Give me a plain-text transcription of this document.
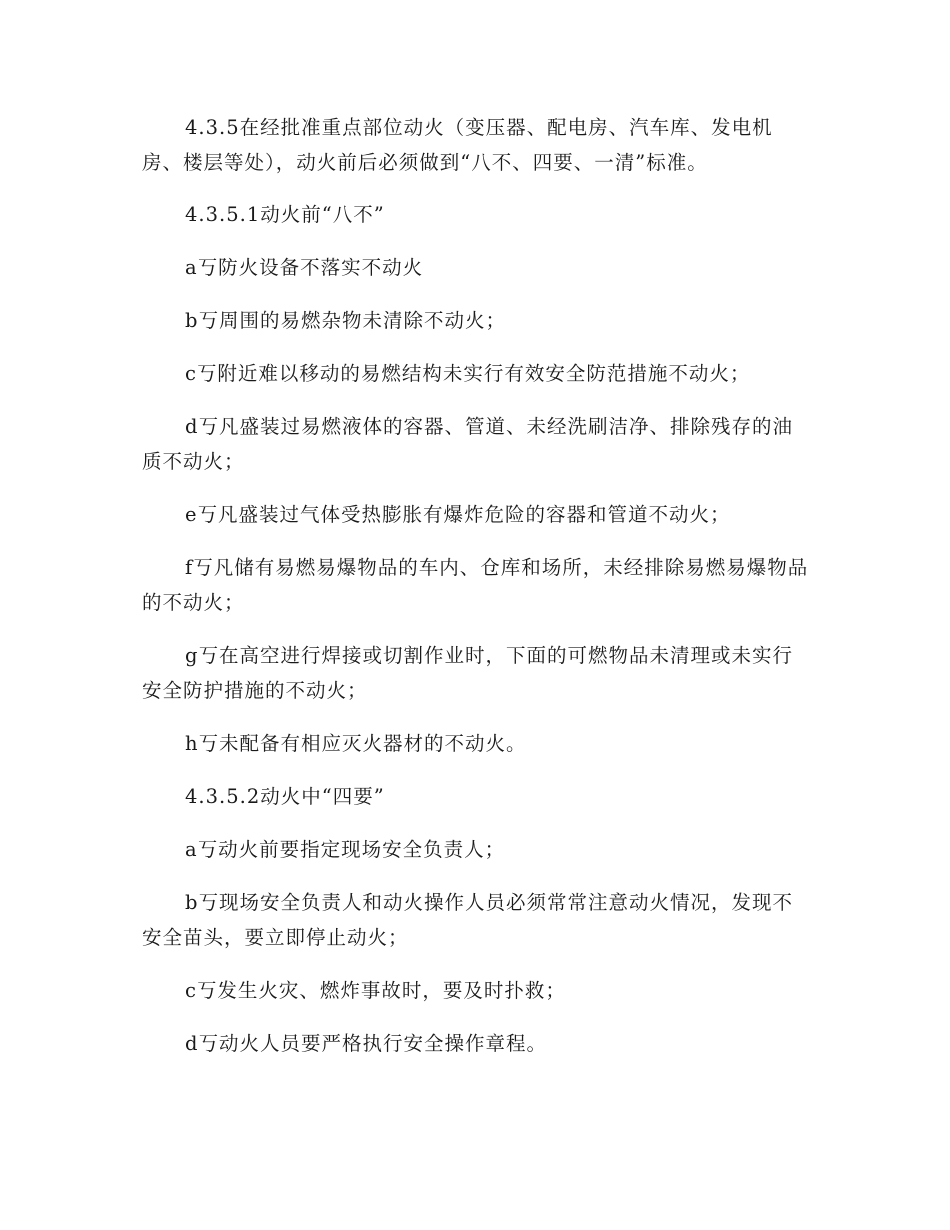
4.3.5在经批准重点部位动火（变压器、配电房、汽车库、发电机房、楼层等处），动火前后必须做到“八不、四要、一清”标准。

4.3.5.1动火前“八不”

a丂防火设备不落实不动火

b丂周围的易燃杂物未清除不动火；

c丂附近难以移动的易燃结构未实行有效安全防范措施不动火；

d丂凡盛装过易燃液体的容器、管道、未经洗刷洁净、排除残存的油质不动火；

e丂凡盛装过气体受热膨胀有爆炸危险的容器和管道不动火；

f丂凡储有易燃易爆物品的车内、仓库和场所，未经排除易燃易爆物品的不动火；

g丂在高空进行焊接或切割作业时，下面的可燃物品未清理或未实行安全防护措施的不动火；

h丂未配备有相应灭火器材的不动火。

4.3.5.2动火中“四要”

a丂动火前要指定现场安全负责人；

b丂现场安全负责人和动火操作人员必须常常注意动火情况，发现不安全苗头，要立即停止动火；

c丂发生火灾、燃炸事故时，要及时扑救；

d丂动火人员要严格执行安全操作章程。
